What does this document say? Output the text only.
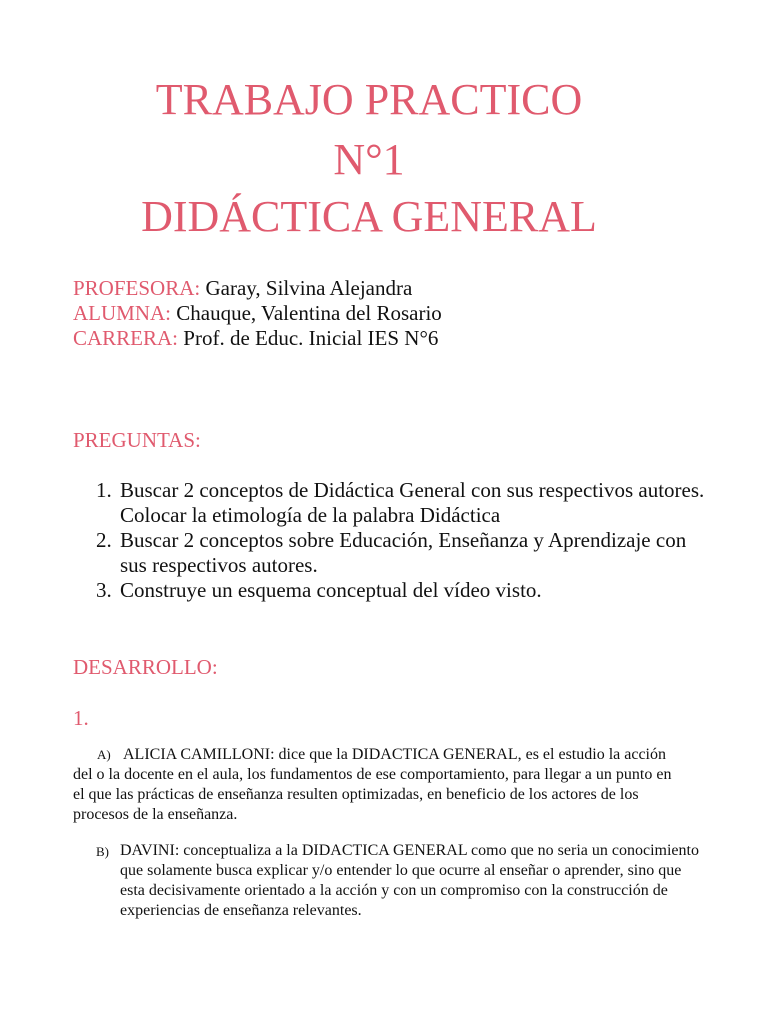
TRABAJO PRACTICO
N°1
DIDÁCTICA GENERAL
PROFESORA: Garay, Silvina Alejandra
ALUMNA: Chauque, Valentina del Rosario
CARRERA: Prof. de Educ. Inicial IES N°6

PREGUNTAS:

1. Buscar 2 conceptos de Didáctica General con sus respectivos autores. Colocar la etimología de la palabra Didáctica
2. Buscar 2 conceptos sobre Educación, Enseñanza y Aprendizaje con sus respectivos autores.
3. Construye un esquema conceptual del vídeo visto.

DESARROLLO:

1.

A) ALICIA CAMILLONI: dice que la DIDACTICA GENERAL, es el estudio la acción del o la docente en el aula, los fundamentos de ese comportamiento, para llegar a un punto en el que las prácticas de enseñanza resulten optimizadas, en beneficio de los actores de los procesos de la enseñanza.

B) DAVINI: conceptualiza a la DIDACTICA GENERAL como que no seria un conocimiento que solamente busca explicar y/o entender lo que ocurre al enseñar o aprender, sino que esta decisivamente orientado a la acción y con un compromiso con la construcción de experiencias de enseñanza relevantes.
